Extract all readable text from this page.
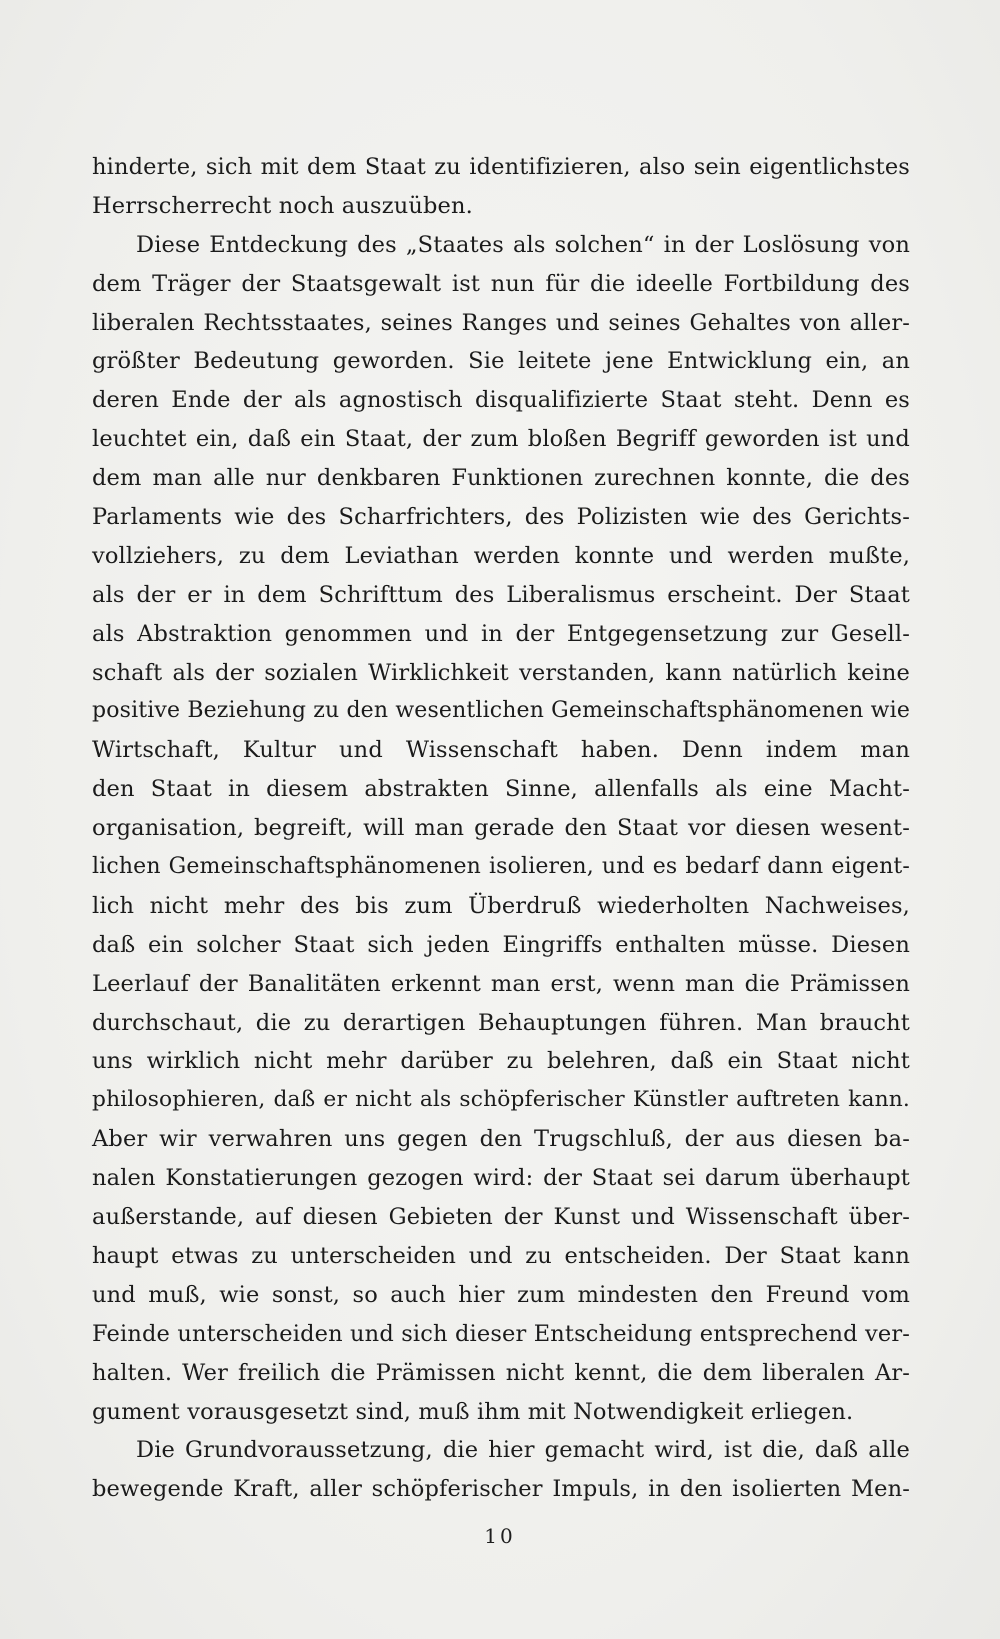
hinderte, sich mit dem Staat zu identifizieren, also sein eigentlichstes
Herrscherrecht noch auszuüben.
Diese Entdeckung des „Staates als solchen“ in der Loslösung von
dem Träger der Staatsgewalt ist nun für die ideelle Fortbildung des
liberalen Rechtsstaates, seines Ranges und seines Gehaltes von aller-
größter Bedeutung geworden. Sie leitete jene Entwicklung ein, an
deren Ende der als agnostisch disqualifizierte Staat steht. Denn es
leuchtet ein, daß ein Staat, der zum bloßen Begriff geworden ist und
dem man alle nur denkbaren Funktionen zurechnen konnte, die des
Parlaments wie des Scharfrichters, des Polizisten wie des Gerichts-
vollziehers, zu dem Leviathan werden konnte und werden mußte,
als der er in dem Schrifttum des Liberalismus erscheint. Der Staat
als Abstraktion genommen und in der Entgegensetzung zur Gesell-
schaft als der sozialen Wirklichkeit verstanden, kann natürlich keine
positive Beziehung zu den wesentlichen Gemeinschaftsphänomenen wie
Wirtschaft, Kultur und Wissenschaft haben. Denn indem man
den Staat in diesem abstrakten Sinne, allenfalls als eine Macht-
organisation, begreift, will man gerade den Staat vor diesen wesent-
lichen Gemeinschaftsphänomenen isolieren, und es bedarf dann eigent-
lich nicht mehr des bis zum Überdruß wiederholten Nachweises,
daß ein solcher Staat sich jeden Eingriffs enthalten müsse. Diesen
Leerlauf der Banalitäten erkennt man erst, wenn man die Prämissen
durchschaut, die zu derartigen Behauptungen führen. Man braucht
uns wirklich nicht mehr darüber zu belehren, daß ein Staat nicht
philosophieren, daß er nicht als schöpferischer Künstler auftreten kann.
Aber wir verwahren uns gegen den Trugschluß, der aus diesen ba-
nalen Konstatierungen gezogen wird: der Staat sei darum überhaupt
außerstande, auf diesen Gebieten der Kunst und Wissenschaft über-
haupt etwas zu unterscheiden und zu entscheiden. Der Staat kann
und muß, wie sonst, so auch hier zum mindesten den Freund vom
Feinde unterscheiden und sich dieser Entscheidung entsprechend ver-
halten. Wer freilich die Prämissen nicht kennt, die dem liberalen Ar-
gument vorausgesetzt sind, muß ihm mit Notwendigkeit erliegen.
Die Grundvoraussetzung, die hier gemacht wird, ist die, daß alle
bewegende Kraft, aller schöpferischer Impuls, in den isolierten Men-
10
